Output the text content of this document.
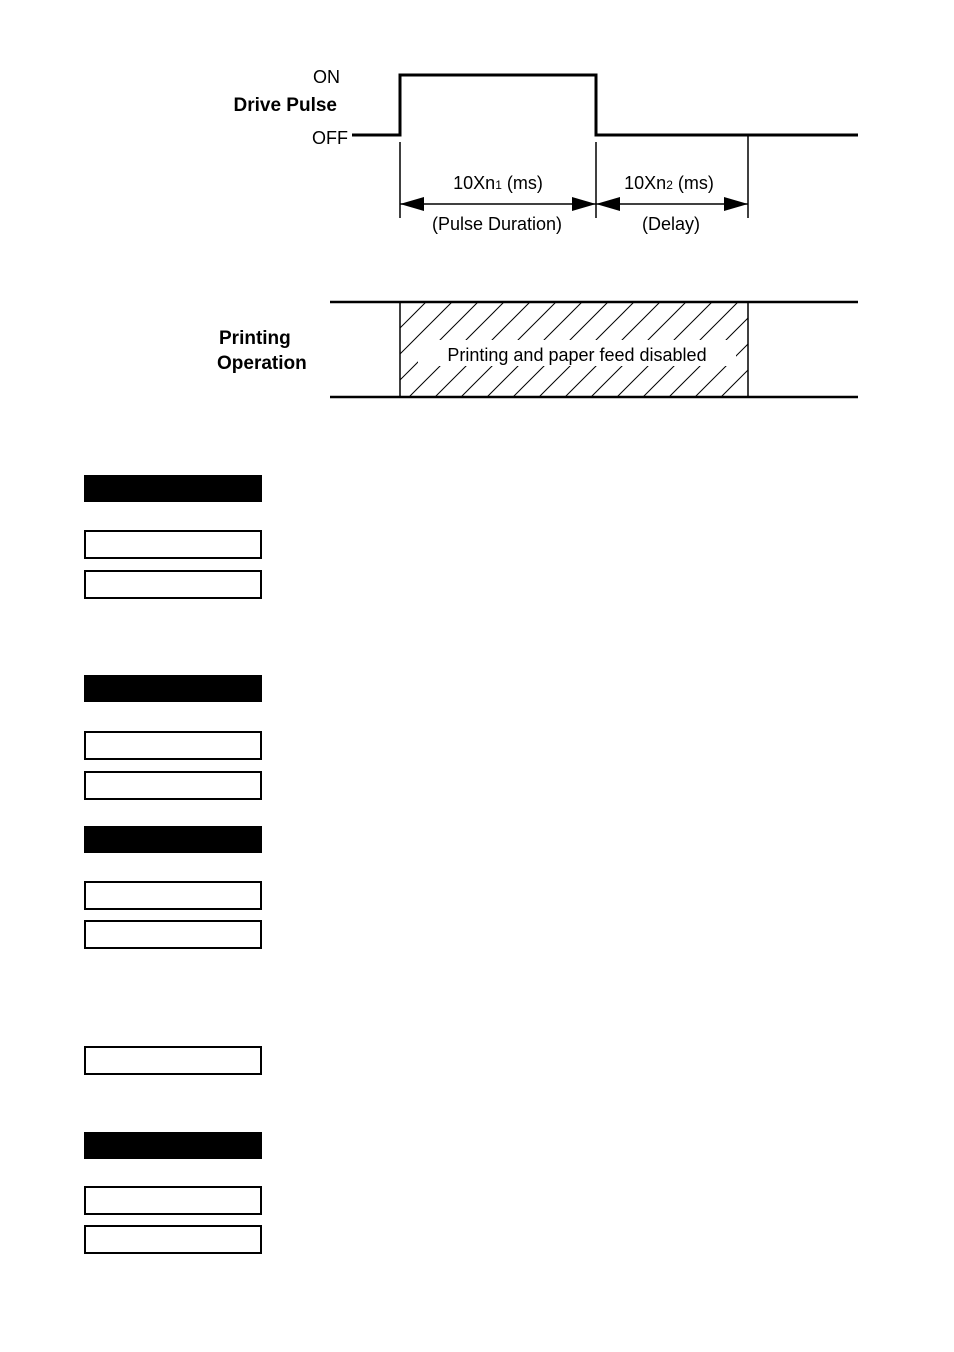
ON
Drive Pulse
OFF
10Xn1 (ms)
(Pulse Duration)
10Xn2 (ms)
(Delay)
Printing
Operation	Printing and paper feed disabled
